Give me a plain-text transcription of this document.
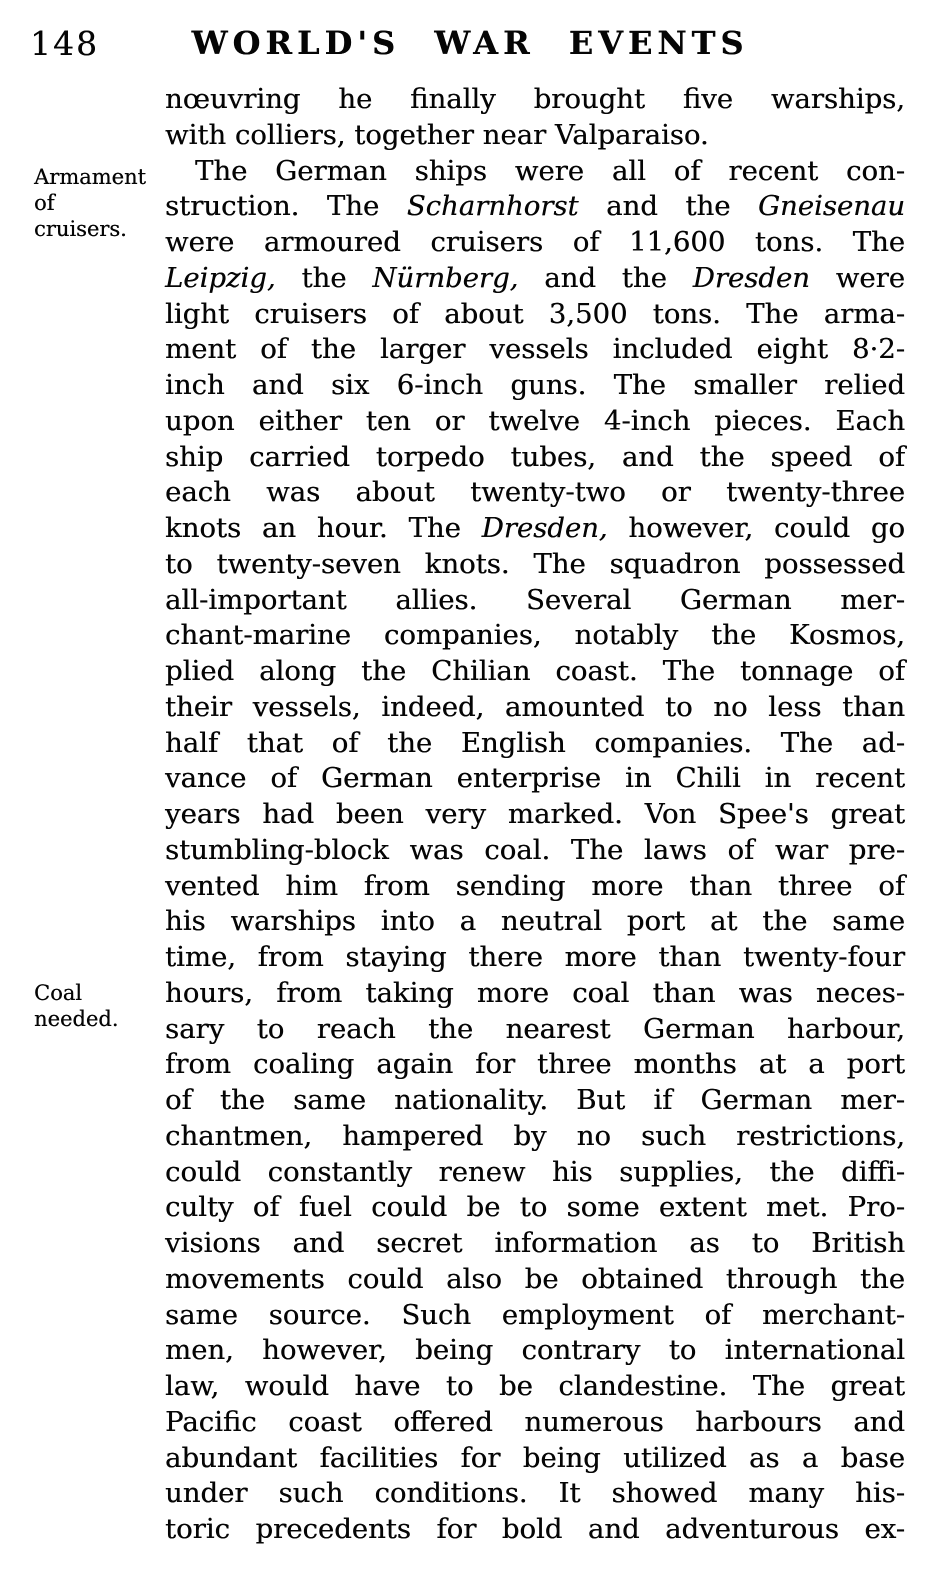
148	WORLD'S WAR EVENTS
Armament
of
cruisers.
Coal
needed.
nœuvring he finally brought five warships,
with colliers, together near Valparaiso.
The German ships were all of recent con-
struction. The Scharnhorst and the Gneisenau
were armoured cruisers of 11,600 tons. The
Leipzig, the Nürnberg, and the Dresden were
light cruisers of about 3,500 tons. The arma-
ment of the larger vessels included eight 8·2-
inch and six 6-inch guns. The smaller relied
upon either ten or twelve 4-inch pieces. Each
ship carried torpedo tubes, and the speed of
each was about twenty-two or twenty-three
knots an hour. The Dresden, however, could go
to twenty-seven knots. The squadron possessed
all-important allies. Several German mer-
chant-marine companies, notably the Kosmos,
plied along the Chilian coast. The tonnage of
their vessels, indeed, amounted to no less than
half that of the English companies. The ad-
vance of German enterprise in Chili in recent
years had been very marked. Von Spee's great
stumbling-block was coal. The laws of war pre-
vented him from sending more than three of
his warships into a neutral port at the same
time, from staying there more than twenty-four
hours, from taking more coal than was neces-
sary to reach the nearest German harbour,
from coaling again for three months at a port
of the same nationality. But if German mer-
chantmen, hampered by no such restrictions,
could constantly renew his supplies, the diffi-
culty of fuel could be to some extent met. Pro-
visions and secret information as to British
movements could also be obtained through the
same source. Such employment of merchant-
men, however, being contrary to international
law, would have to be clandestine. The great
Pacific coast offered numerous harbours and
abundant facilities for being utilized as a base
under such conditions. It showed many his-
toric precedents for bold and adventurous ex-
